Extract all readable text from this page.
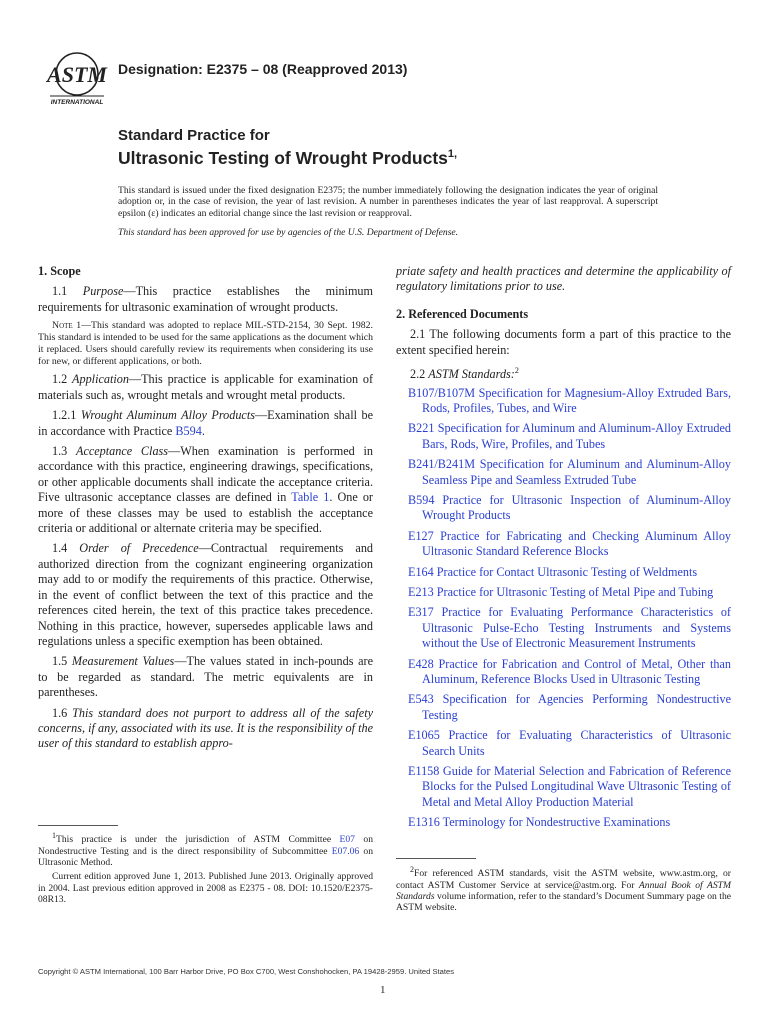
ASTM
INTERNATIONAL
Designation: E2375 – 08 (Reapproved 2013)
Standard Practice for
Ultrasonic Testing of Wrought Products$^{1,}$

This standard is issued under the fixed designation E2375; the number immediately following the designation indicates the year of original adoption or, in the case of revision, the year of last revision. A number in parentheses indicates the year of last reapproval. A superscript epsilon (ε) indicates an editorial change since the last revision or reapproval.

This standard has been approved for use by agencies of the U.S. Department of Defense.

1. Scope

1.1 Purpose—This practice establishes the minimum requirements for ultrasonic examination of wrought products.

Note 1—This standard was adopted to replace MIL-STD-2154, 30 Sept. 1982. This standard is intended to be used for the same applications as the document which it replaced. Users should carefully review its requirements when considering its use for new, or different applications, or both.

1.2 Application—This practice is applicable for examination of materials such as, wrought metals and wrought metal products.

1.2.1 Wrought Aluminum Alloy Products—Examination shall be in accordance with Practice B594.

1.3 Acceptance Class—When examination is performed in accordance with this practice, engineering drawings, specifications, or other applicable documents shall indicate the acceptance criteria. Five ultrasonic acceptance classes are defined in Table 1. One or more of these classes may be used to establish the acceptance criteria or additional or alternate criteria may be specified.

1.4 Order of Precedence—Contractual requirements and authorized direction from the cognizant engineering organization may add to or modify the requirements of this practice. Otherwise, in the event of conflict between the text of this practice and the references cited herein, the text of this practice takes precedence. Nothing in this practice, however, supersedes applicable laws and regulations unless a specific exemption has been obtained.

1.5 Measurement Values—The values stated in inch-pounds are to be regarded as standard. The metric equivalents are in parentheses.

1.6 This standard does not purport to address all of the safety concerns, if any, associated with its use. It is the responsibility of the user of this standard to establish appro-

priate safety and health practices and determine the applicability of regulatory limitations prior to use.

2. Referenced Documents

2.1 The following documents form a part of this practice to the extent specified herein:

2.2 ASTM Standards:$^2$

B107/B107M Specification for Magnesium-Alloy Extruded Bars, Rods, Profiles, Tubes, and Wire

B221 Specification for Aluminum and Aluminum-Alloy Extruded Bars, Rods, Wire, Profiles, and Tubes

B241/B241M Specification for Aluminum and Aluminum-Alloy Seamless Pipe and Seamless Extruded Tube

B594 Practice for Ultrasonic Inspection of Aluminum-Alloy Wrought Products

E127 Practice for Fabricating and Checking Aluminum Alloy Ultrasonic Standard Reference Blocks

E164 Practice for Contact Ultrasonic Testing of Weldments

E213 Practice for Ultrasonic Testing of Metal Pipe and Tubing

E317 Practice for Evaluating Performance Characteristics of Ultrasonic Pulse-Echo Testing Instruments and Systems without the Use of Electronic Measurement Instruments

E428 Practice for Fabrication and Control of Metal, Other than Aluminum, Reference Blocks Used in Ultrasonic Testing

E543 Specification for Agencies Performing Nondestructive Testing

E1065 Practice for Evaluating Characteristics of Ultrasonic Search Units

E1158 Guide for Material Selection and Fabrication of Reference Blocks for the Pulsed Longitudinal Wave Ultrasonic Testing of Metal and Metal Alloy Production Material

E1316 Terminology for Nondestructive Examinations

$^1$This practice is under the jurisdiction of ASTM Committee E07 on Nondestructive Testing and is the direct responsibility of Subcommittee E07.06 on Ultrasonic Method.

Current edition approved June 1, 2013. Published June 2013. Originally approved in 2004. Last previous edition approved in 2008 as E2375 - 08. DOI: 10.1520/E2375-08R13.

$^2$For referenced ASTM standards, visit the ASTM website, www.astm.org, or contact ASTM Customer Service at service@astm.org. For Annual Book of ASTM Standards volume information, refer to the standard’s Document Summary page on the ASTM website.

Copyright © ASTM International, 100 Barr Harbor Drive, PO Box C700, West Conshohocken, PA 19428-2959. United States
1
